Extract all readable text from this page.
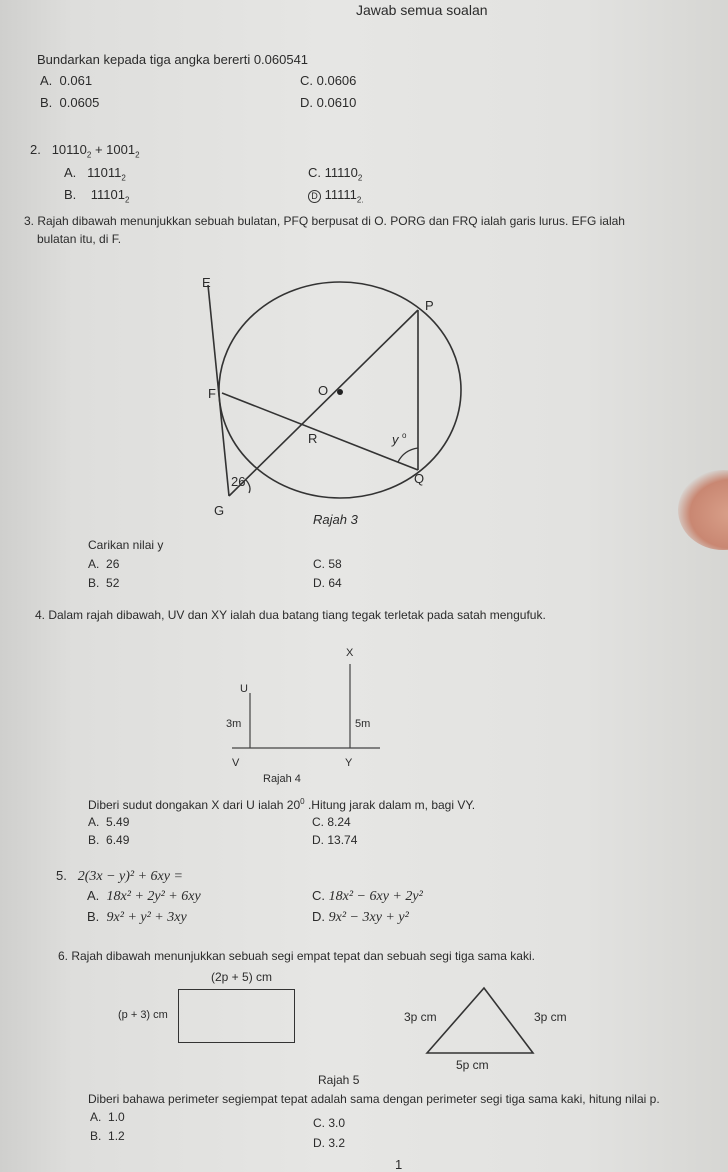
Jawab semua soalan
Bundarkan kepada tiga angka bererti 0.060541
A. 0.061
B. 0.0605
C. 0.0606
D. 0.0610
2. $10110_2 + 1001_2$
A. $11011_2$
B. $11101_2$
C. $11110_2$
D $11111_{2.}$
3. Rajah dibawah menunjukkan sebuah bulatan, PFQ berpusat di O. PORG dan FRQ ialah garis lurus. EFG ialah
bulatan itu, di F.
E
P
F	O
R	y o
Q
26
G
Rajah 3
X
U
3m	5m
V	Y
Rajah 4
Carikan nilai y
A. 26
B. 52
C. 58
D. 64
4. Dalam rajah dibawah, UV dan XY ialah dua batang tiang tegak terletak pada satah mengufuk.
Diberi sudut dongakan X dari U ialah $20^0$ .Hitung jarak dalam m, bagi VY.
A. 5.49
B. 6.49
C. 8.24
D. 13.74
5. 2(3x − y)² + 6xy =
A. 18x² + 2y² + 6xy
B. 9x² + y² + 3xy
C. 18x² − 6xy + 2y²
D. 9x² − 3xy + y²
6. Rajah dibawah menunjukkan sebuah segi empat tepat dan sebuah segi tiga sama kaki.
(2p + 5) cm
(p + 3) cm	3p cm	3p cm
5p cm
Rajah 5
Diberi bahawa perimeter segiempat tepat adalah sama dengan perimeter segi tiga sama kaki, hitung nilai p.
A. 1.0
B. 1.2
C. 3.0
D. 3.2
1
